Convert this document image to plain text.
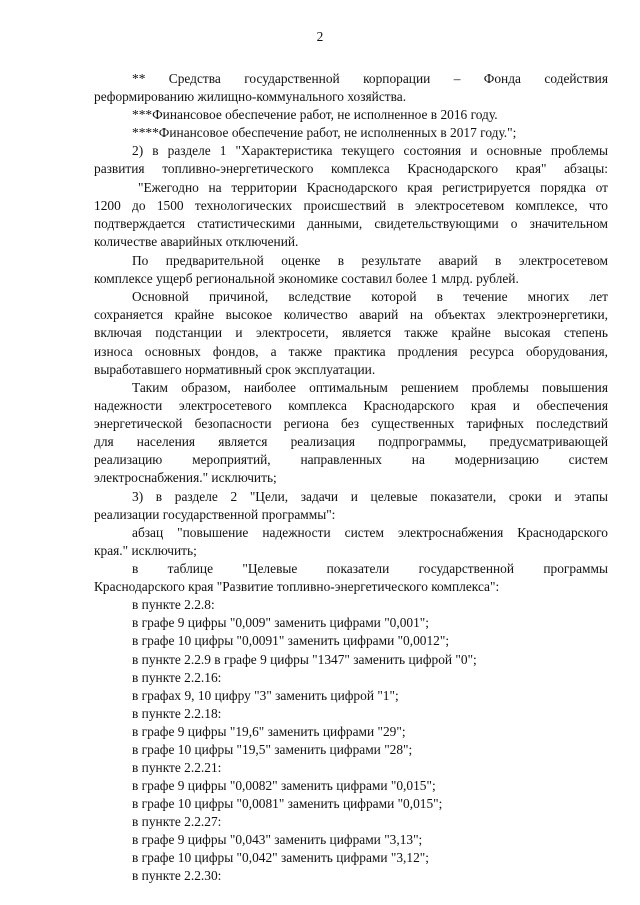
2
** Средства государственной корпорации – Фонда содействия
реформированию жилищно-коммунального хозяйства.
***Финансовое обеспечение работ, не исполненное в 2016 году.
****Финансовое обеспечение работ, не исполненных в 2017 году.";
2) в разделе 1 "Характеристика текущего состояния и основные проблемы
развития топливно-энергетического комплекса Краснодарского края" абзацы:
"Ежегодно на территории Краснодарского края регистрируется порядка от
1200 до 1500 технологических происшествий в электросетевом комплексе, что
подтверждается статистическими данными, свидетельствующими о значительном
количестве аварийных отключений.
По предварительной оценке в результате аварий в электросетевом
комплексе ущерб региональной экономике составил более 1 млрд. рублей.
Основной причиной, вследствие которой в течение многих лет
сохраняется крайне высокое количество аварий на объектах электроэнергетики,
включая подстанции и электросети, является также крайне высокая степень
износа основных фондов, а также практика продления ресурса оборудования,
выработавшего нормативный срок эксплуатации.
Таким образом, наиболее оптимальным решением проблемы повышения
надежности электросетевого комплекса Краснодарского края и обеспечения
энергетической безопасности региона без существенных тарифных последствий
для населения является реализация подпрограммы, предусматривающей
реализацию мероприятий, направленных на модернизацию систем
электроснабжения." исключить;
3) в разделе 2 "Цели, задачи и целевые показатели, сроки и этапы
реализации государственной программы":
абзац "повышение надежности систем электроснабжения Краснодарского
края." исключить;
в таблице "Целевые показатели государственной программы
Краснодарского края "Развитие топливно-энергетического комплекса":
в пункте 2.2.8:
в графе 9 цифры "0,009" заменить цифрами "0,001";
в графе 10 цифры "0,0091" заменить цифрами "0,0012";
в пункте 2.2.9 в графе 9 цифры "1347" заменить цифрой "0";
в пункте 2.2.16:
в графах 9, 10 цифру "3" заменить цифрой "1";
в пункте 2.2.18:
в графе 9 цифры "19,6" заменить цифрами "29";
в графе 10 цифры "19,5" заменить цифрами "28";
в пункте 2.2.21:
в графе 9 цифры "0,0082" заменить цифрами "0,015";
в графе 10 цифры "0,0081" заменить цифрами "0,015";
в пункте 2.2.27:
в графе 9 цифры "0,043" заменить цифрами "3,13";
в графе 10 цифры "0,042" заменить цифрами "3,12";
в пункте 2.2.30:
